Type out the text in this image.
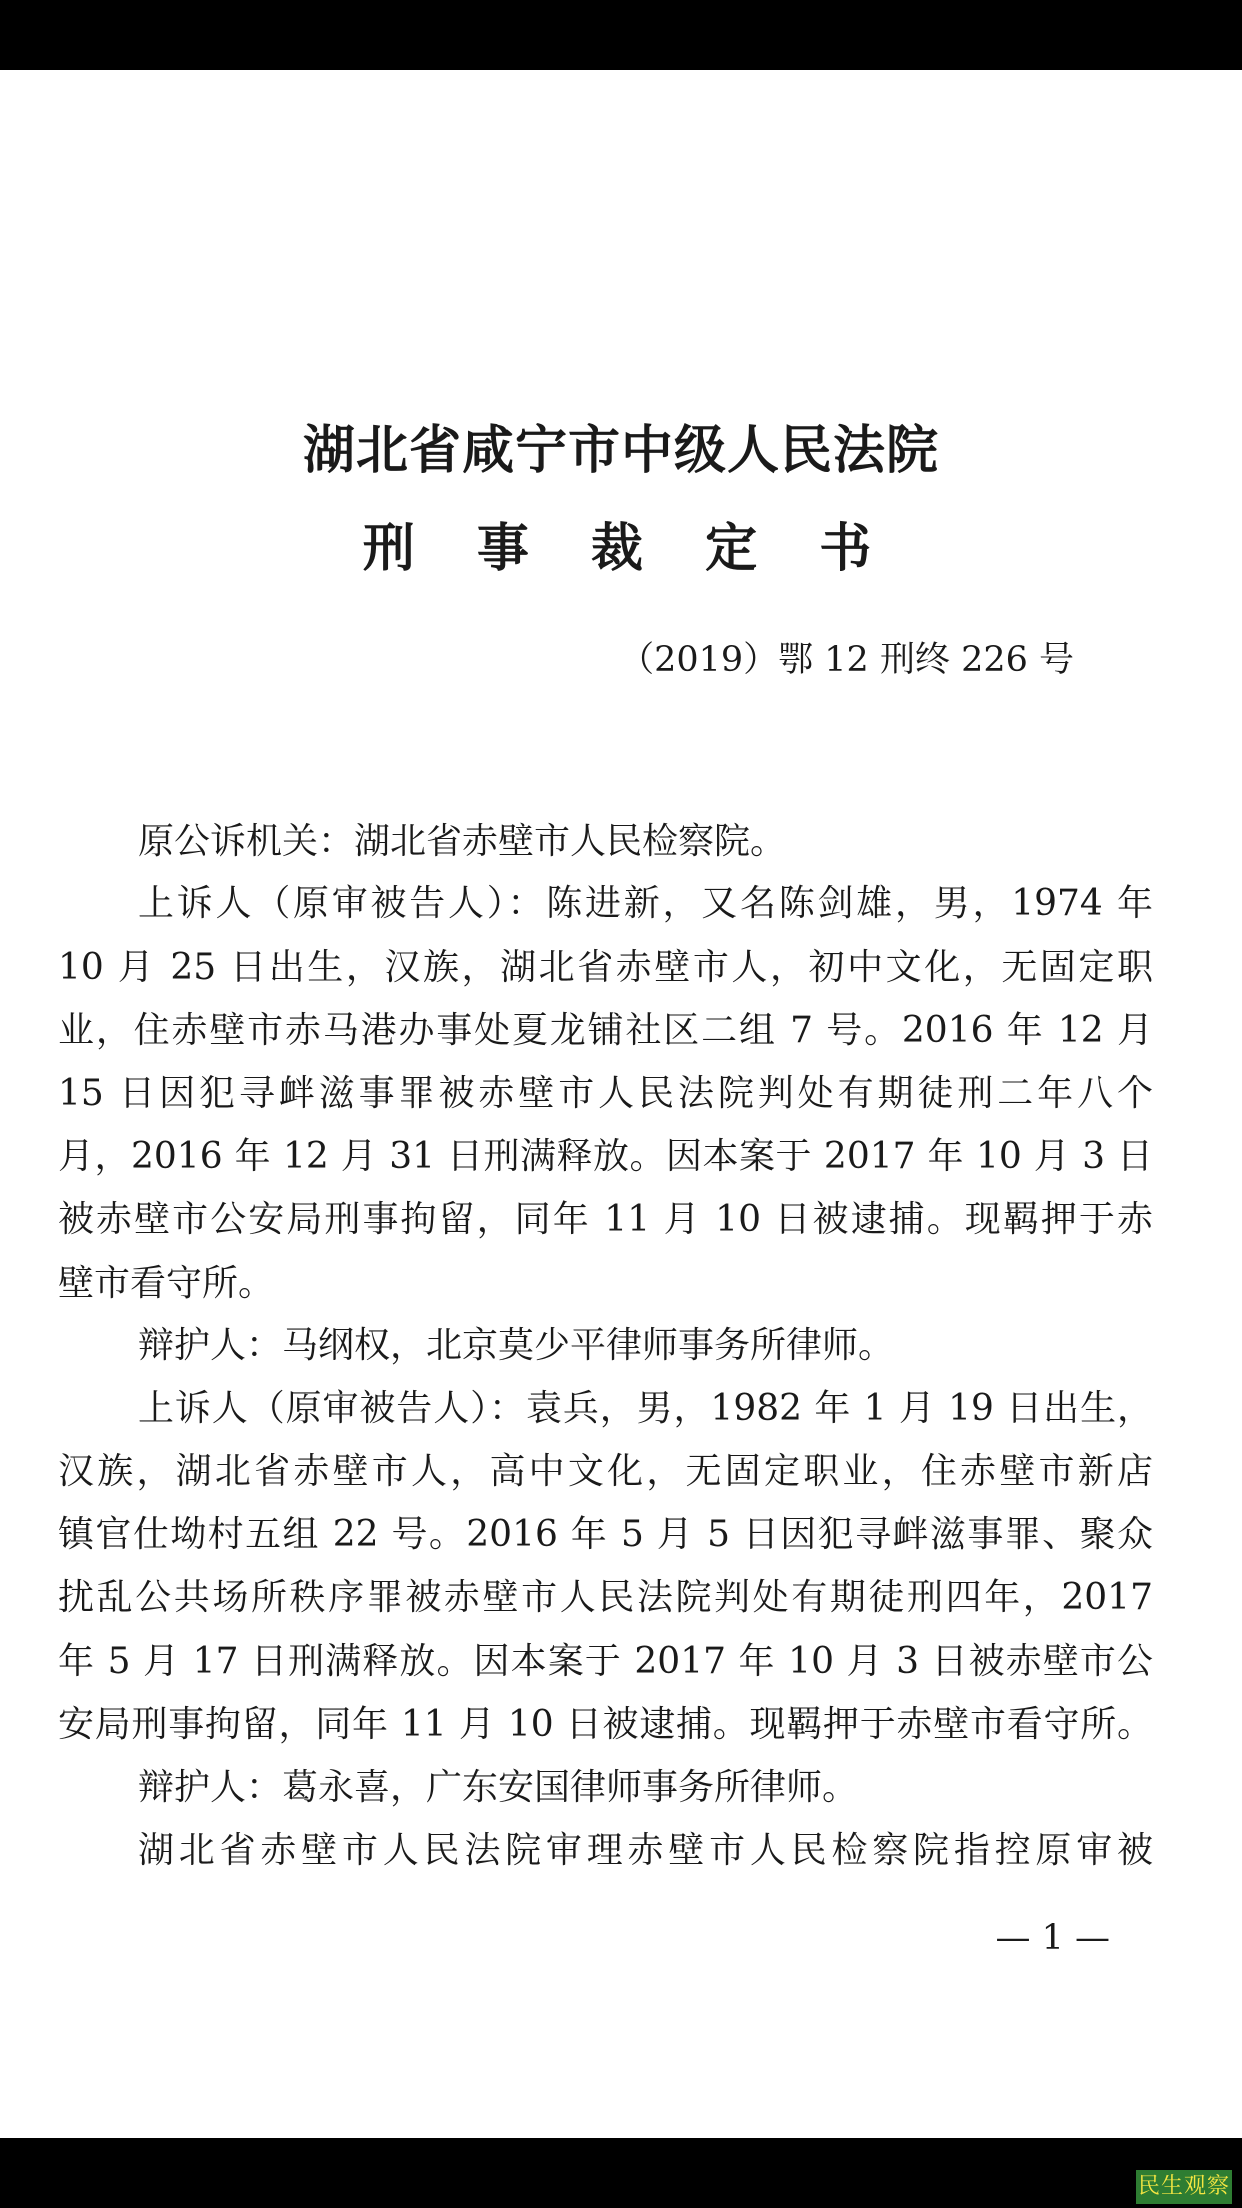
湖北省咸宁市中级人民法院
刑 事 裁 定 书
（2019）鄂 12 刑终 226 号
原公诉机关：湖北省赤壁市人民检察院。
上诉人（原审被告人）：陈进新，又名陈剑雄，男，1974 年
10 月 25 日出生，汉族，湖北省赤壁市人，初中文化，无固定职
业，住赤壁市赤马港办事处夏龙铺社区二组 7 号。2016 年 12 月
15 日因犯寻衅滋事罪被赤壁市人民法院判处有期徒刑二年八个
月，2016 年 12 月 31 日刑满释放。因本案于 2017 年 10 月 3 日
被赤壁市公安局刑事拘留，同年 11 月 10 日被逮捕。现羁押于赤
壁市看守所。
辩护人：马纲权，北京莫少平律师事务所律师。
上诉人（原审被告人）：袁兵，男，1982 年 1 月 19 日出生，
汉族，湖北省赤壁市人，高中文化，无固定职业，住赤壁市新店
镇官仕坳村五组 22 号。2016 年 5 月 5 日因犯寻衅滋事罪、聚众
扰乱公共场所秩序罪被赤壁市人民法院判处有期徒刑四年，2017
年 5 月 17 日刑满释放。因本案于 2017 年 10 月 3 日被赤壁市公
安局刑事拘留，同年 11 月 10 日被逮捕。现羁押于赤壁市看守所。
辩护人：葛永喜，广东安国律师事务所律师。
湖北省赤壁市人民法院审理赤壁市人民检察院指控原审被
— 1 —
民生观察
